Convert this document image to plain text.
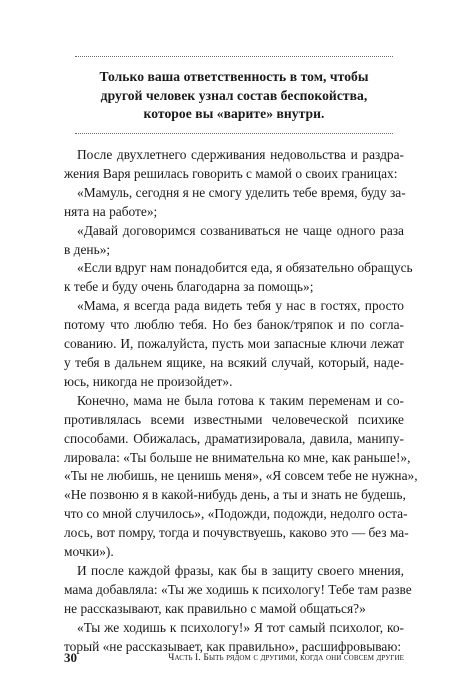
Только ваша ответственность в том, чтобы
другой человек узнал состав беспокойства,
которое вы «варите» внутри.
После двухлетнего сдерживания недовольства и раздра-
жения Варя решилась говорить с мамой о своих границах:
«Мамуль, сегодня я не смогу уделить тебе время, буду за-
нята на работе»;
«Давай договоримся созваниваться не чаще одного раза
в день»;
«Если вдруг нам понадобится еда, я обязательно обращусь
к тебе и буду очень благодарна за помощь»;
«Мама, я всегда рада видеть тебя у нас в гостях, просто
потому что люблю тебя. Но без банок/тряпок и по согла-
сованию. И, пожалуйста, пусть мои запасные ключи лежат
у тебя в дальнем ящике, на всякий случай, который, наде-
юсь, никогда не произойдет».
Конечно, мама не была готова к таким переменам и со-
противлялась всеми известными человеческой психике
способами. Обижалась, драматизировала, давила, манипу-
лировала: «Ты больше не внимательна ко мне, как раньше!»,
«Ты не любишь, не ценишь меня», «Я совсем тебе не нужна»,
«Не позвоню я в какой-нибудь день, а ты и знать не будешь,
что со мной случилось», «Подожди, подожди, недолго оста-
лось, вот помру, тогда и почувствуешь, каково это — без ма-
мочки»).
И после каждой фразы, как бы в защиту своего мнения,
мама добавляла: «Ты же ходишь к психологу! Тебе там разве
не рассказывают, как правильно с мамой общаться?»
«Ты же ходишь к психологу!» Я тот самый психолог, ко-
торый «не рассказывает, как правильно», расшифровываю:
30	Часть I. Быть рядом с другими, когда они совсем другие
